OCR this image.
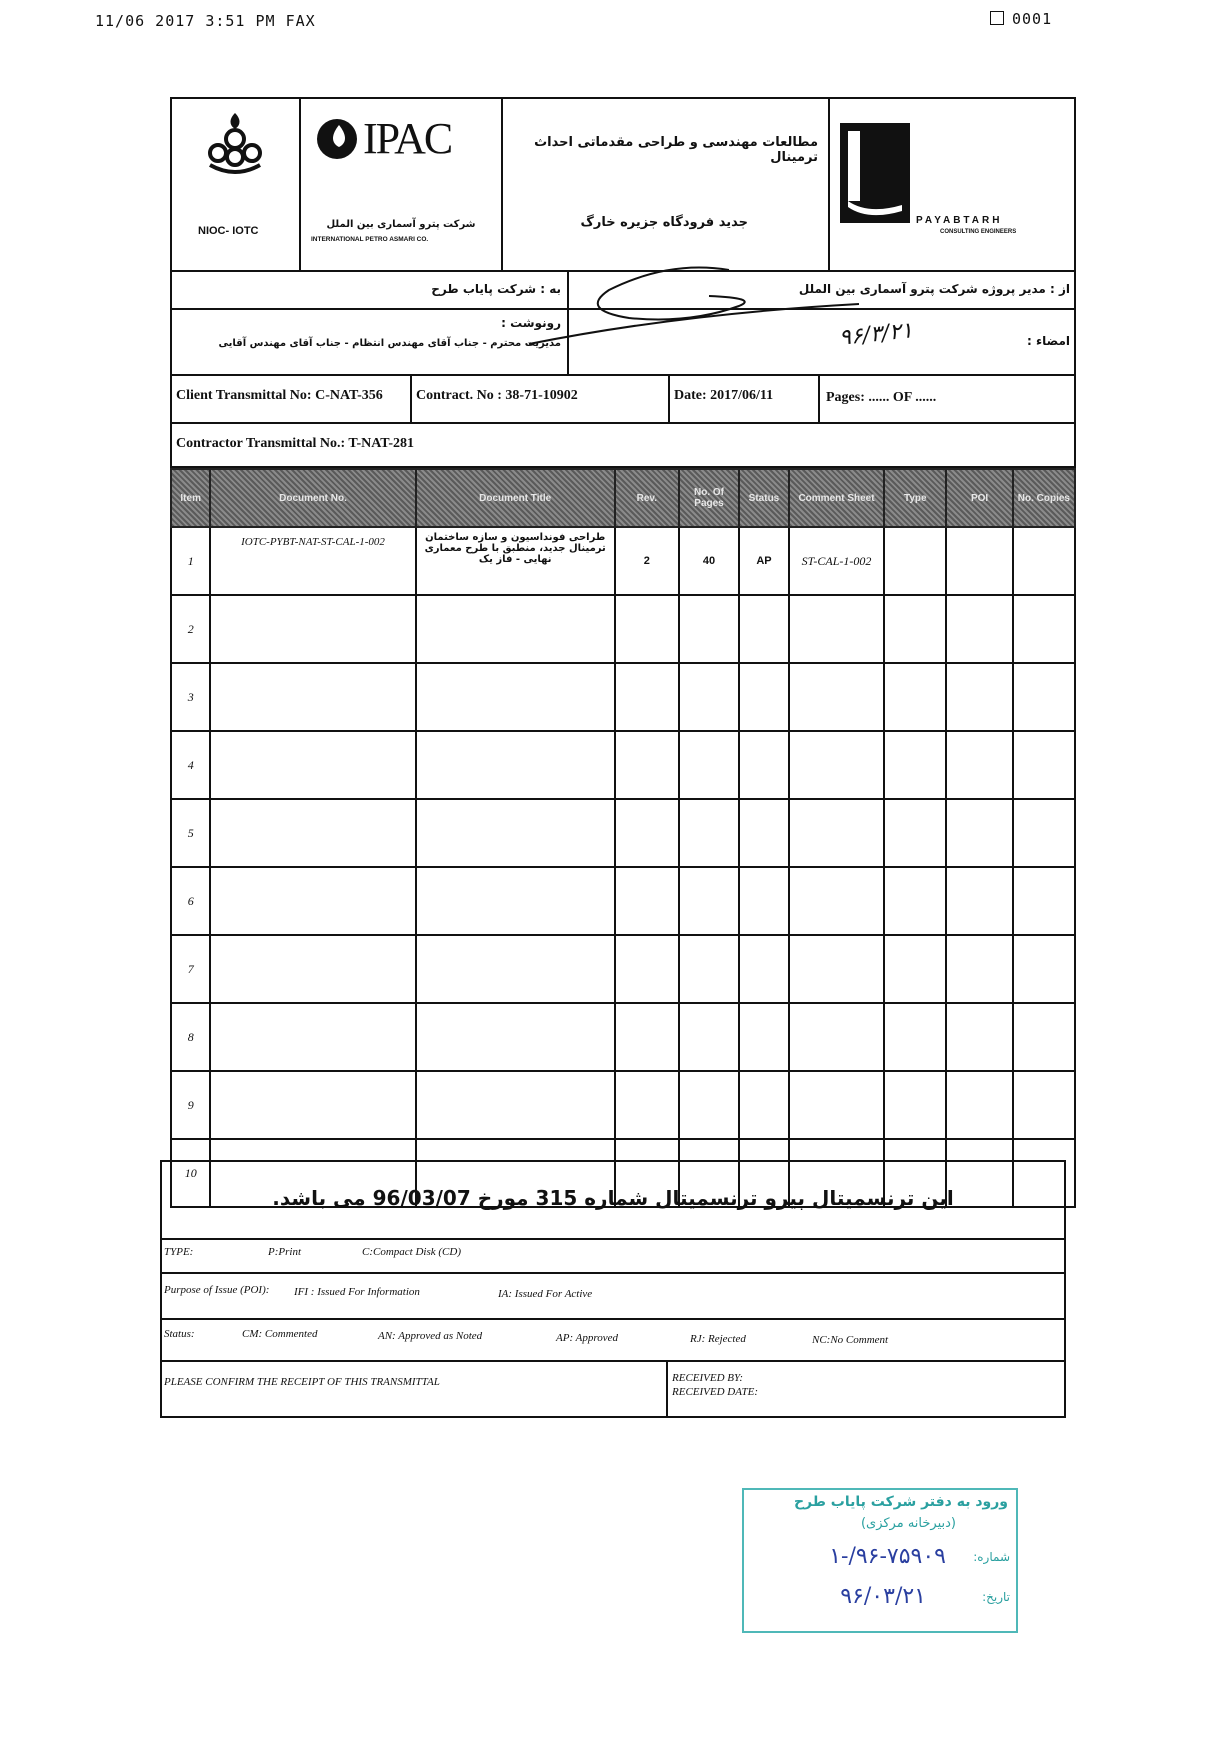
11/06 2017 3:51 PM FAX	0001
NIOC- IOTC
IPAC
شرکت پترو آسماری بین الملل
INTERNATIONAL PETRO ASMARI CO.
مطالعات مهندسی و طراحی مقدماتی احداث ترمینال
جدید فرودگاه جزیره خارگ	PAYABTARH
CONSULTING ENGINEERS
به : شرکت پایاب طرح	از : مدیر پروژه شرکت پترو آسماری بین الملل
رونوشت :
مدیریت محترم - جناب آقای مهندس انتظام - جناب آقای مهندس آقایی	امضاء :
۹۶/۳/۲۱
Client Transmittal No: C-NAT-356	Contract. No : 38-71-10902	Date: 2017/06/11	Pages: ...... OF ......
Contractor Transmittal No.: T-NAT-281
Item	Document No.	Document Title	Rev.	No. Of Pages	Status	Comment Sheet	Type	POI	No. Copies
1	IOTC-PYBT-NAT-ST-CAL-1-002	طراحی فونداسیون و سازه ساختمان ترمینال جدید، منطبق با طرح معماری نهایی - فاز یک	2	40	AP	ST-CAL-1-002			
2									
3									
4									
5									
6									
7									
8									
9									
10									
این ترنسمیتال پیرو ترنسمیتال شماره 315 مورخ 96/03/07 می باشد.
TYPE:	P:Print	C:Compact Disk (CD)
Purpose of Issue (POI): IFI : Issued For Information	IA: Issued For Active
Status:	CM: Commented	AN: Approved as Noted	AP: Approved	RJ: Rejected	NC:No Comment
PLEASE CONFIRM THE RECEIPT OF THIS TRANSMITTAL	RECEIVED BY:
RECEIVED DATE:
ورود به دفتر شرکت پایاب طرح
(دبیرخانه مرکزی)
شماره:
۱-/۹۶-۷۵۹۰۹
تاریخ:
۹۶/۰۳/۲۱
